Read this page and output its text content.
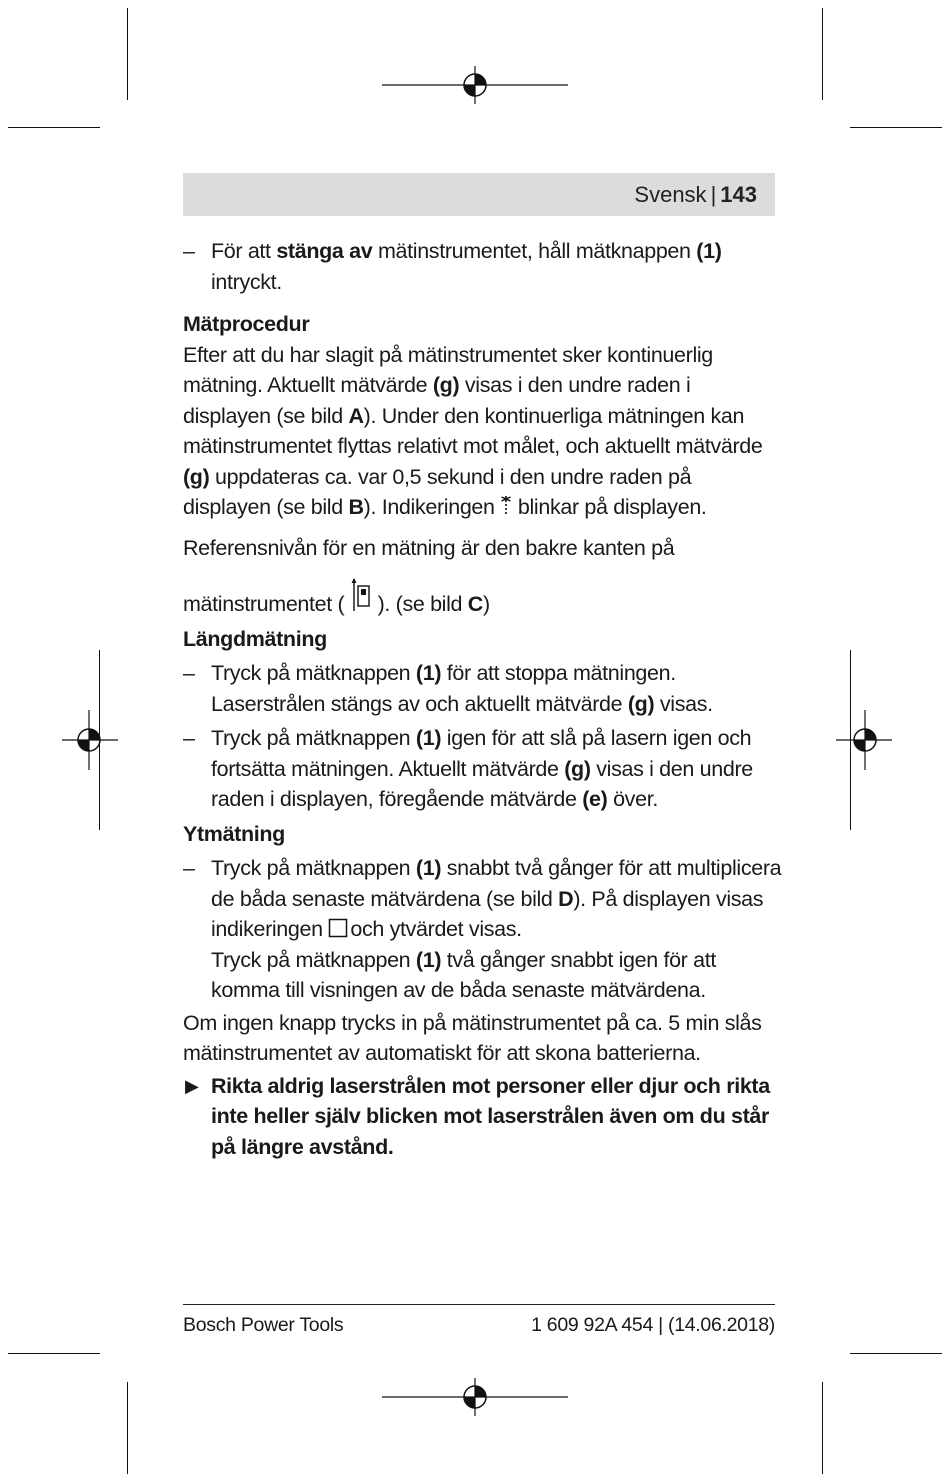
Svensk | 143
– För att stänga av mätinstrumentet, håll mätknappen (1) intryckt.
Mätprocedur

Efter att du har slagit på mätinstrumentet sker kontinuerlig mätning. Aktuellt mätvärde (g) visas i den undre raden i displayen (se bild A). Under den kontinuerliga mätningen kan mätinstrumentet flyttas relativt mot målet, och aktuellt mätvärde (g) uppdateras ca. var 0,5 sekund i den undre raden på displayen (se bild B). Indikeringen  blinkar på displayen.

Referensnivån för en mätning är den bakre kanten på

mätinstrumentet (  ). (se bild C)

Längdmätning
– Tryck på mätknappen (1) för att stoppa mätningen. Laserstrålen stängs av och aktuellt mätvärde (g) visas.
– Tryck på mätknappen (1) igen för att slå på lasern igen och fortsätta mätningen. Aktuellt mätvärde (g) visas i den undre raden i displayen, föregående mätvärde (e) över.
Ytmätning
– Tryck på mätknappen (1) snabbt två gånger för att multiplicera de båda senaste mätvärdena (se bild D). På displayen visas indikeringen och ytvärdet visas.
Tryck på mätknappen (1) två gånger snabbt igen för att komma till visningen av de båda senaste mätvärdena.

Om ingen knapp trycks in på mätinstrumentet på ca. 5 min slås mätinstrumentet av automatiskt för att skona batterierna.

▶ Rikta aldrig laserstrålen mot personer eller djur och rikta inte heller själv blicken mot laserstrålen även om du står på längre avstånd.
Bosch Power Tools	1 609 92A 454 | (14.06.2018)
